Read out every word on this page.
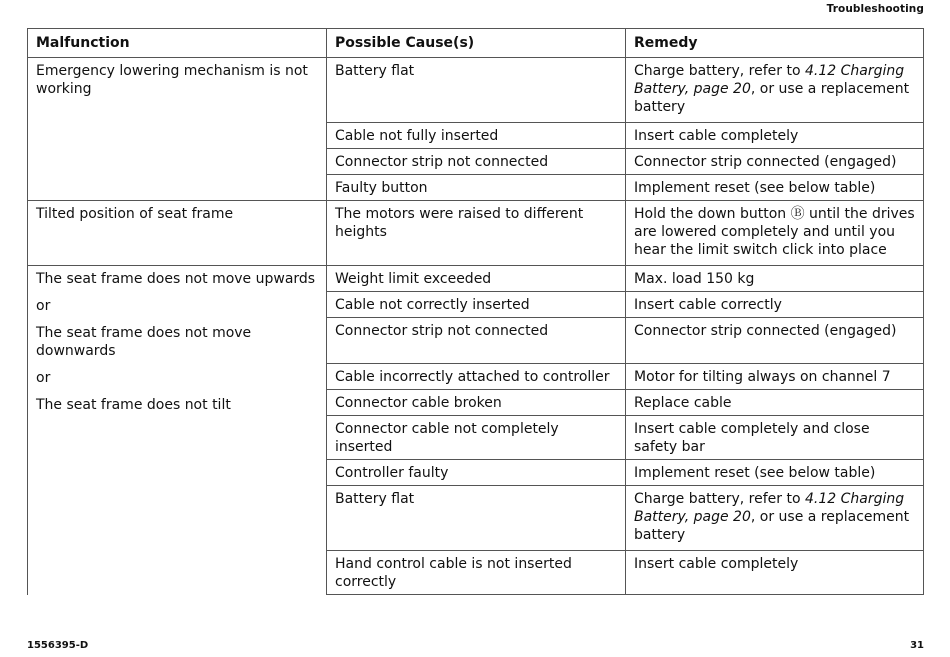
Troubleshooting
Malfunction	Possible Cause(s)	Remedy
Emergency lowering mechanism is not working	Battery flat	Charge battery, refer to 4.12 Charging Battery, page 20, or use a replacement battery
	Cable not fully inserted	Insert cable completely
	Connector strip not connected	Connector strip connected (engaged)
	Faulty button	Implement reset (see below table)
Tilted position of seat frame	The motors were raised to different heights	Hold the down button Ⓑ until the drives are lowered completely and until you hear the limit switch click into place

The seat frame does not move upwards

or

The seat frame does not move downwards

or

The seat frame does not tilt	Weight limit exceeded	Max. load 150 kg
	Cable not correctly inserted	Insert cable correctly
	Connector strip not connected	Connector strip connected (engaged)
	Cable incorrectly attached to controller	Motor for tilting always on channel 7
	Connector cable broken	Replace cable
	Connector cable not completely inserted	Insert cable completely and close safety bar
	Controller faulty	Implement reset (see below table)
	Battery flat	Charge battery, refer to 4.12 Charging Battery, page 20, or use a replacement battery
	Hand control cable is not inserted correctly	Insert cable completely
1556395-D	31
